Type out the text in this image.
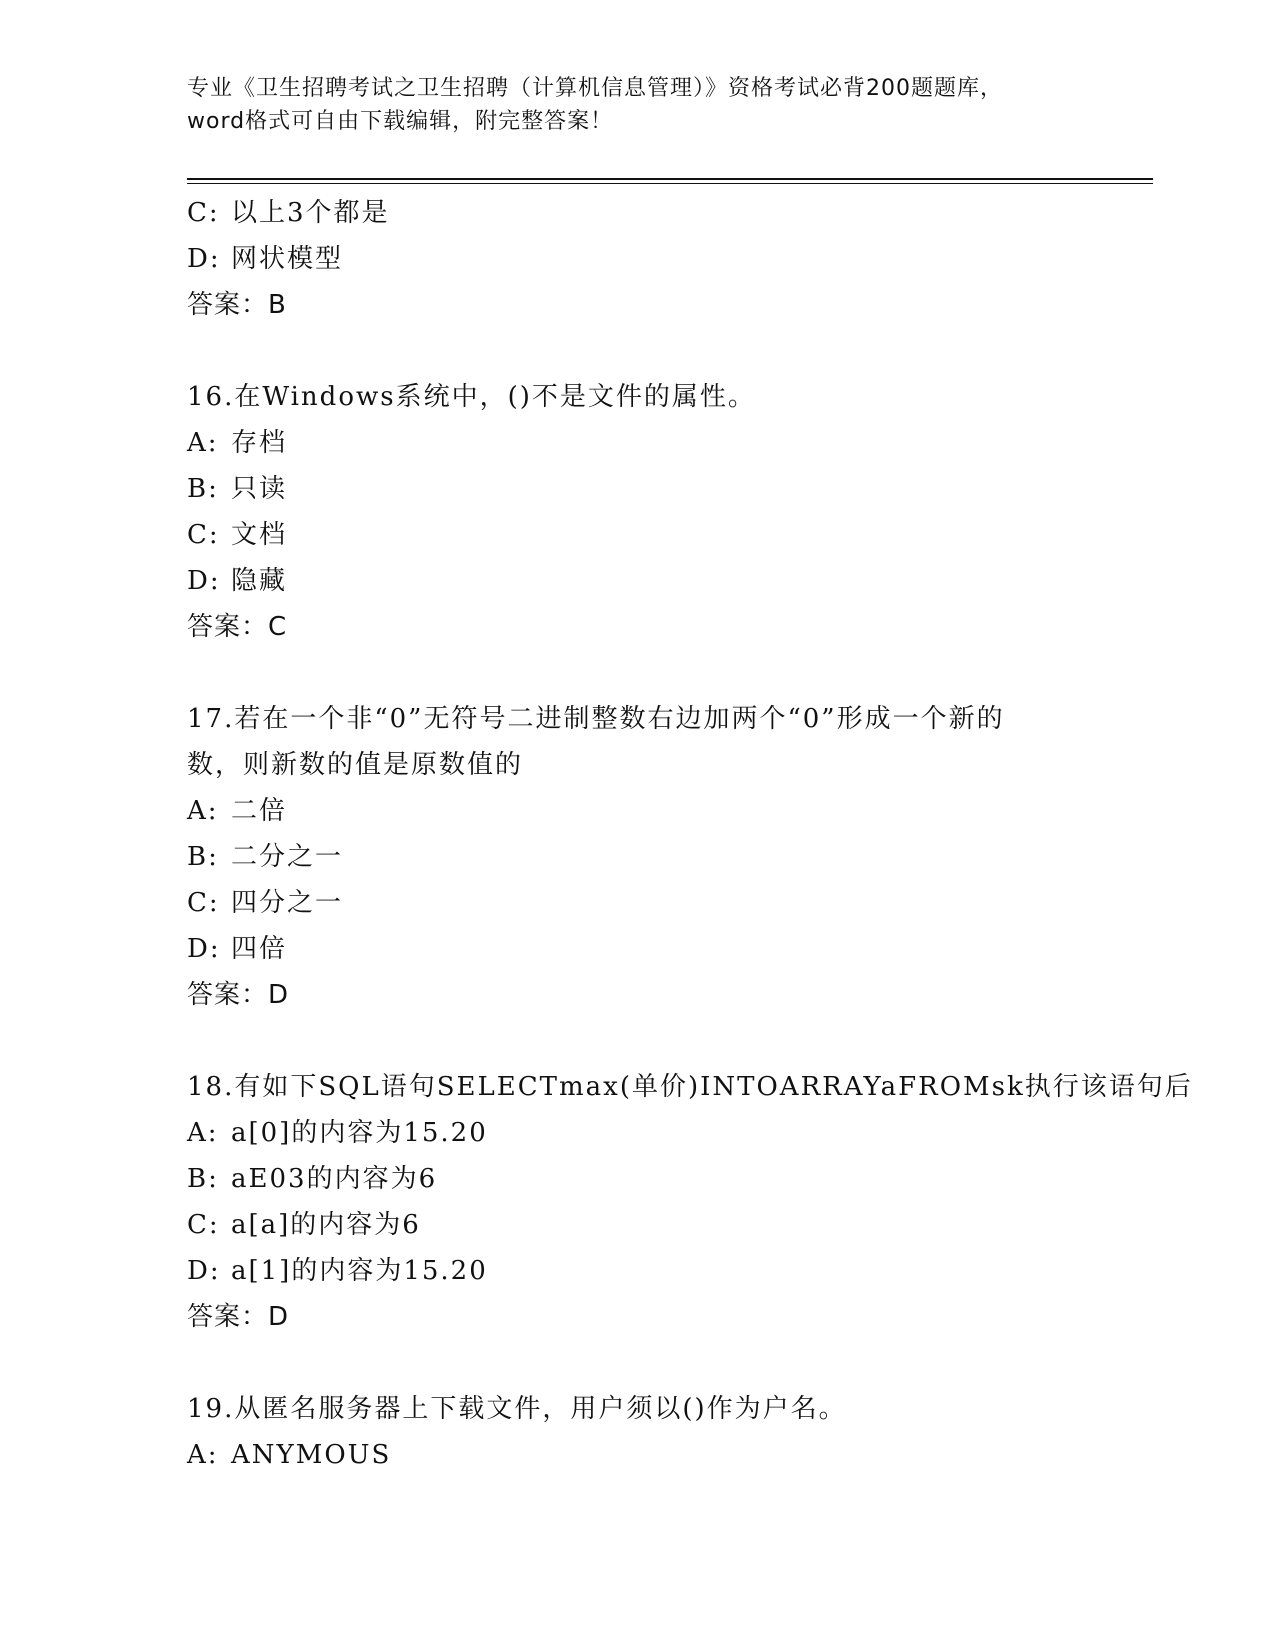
专业《卫生招聘考试之卫生招聘（计算机信息管理）》资格考试必背200题题库，
word格式可自由下载编辑，附完整答案！
C: 以上3个都是
D: 网状模型
答案：B
16.在Windows系统中，()不是文件的属性。
A: 存档
B: 只读
C: 文档
D: 隐藏
答案：C
17.若在一个非“0”无符号二进制整数右边加两个“0”形成一个新的
数，则新数的值是原数值的
A: 二倍
B: 二分之一
C: 四分之一
D: 四倍
答案：D
18.有如下SQL语句SELECTmax(单价)INTOARRAYaFROMsk执行该语句后
A: a[0]的内容为15.20
B: aE03的内容为6
C: a[a]的内容为6
D: a[1]的内容为15.20
答案：D
19.从匿名服务器上下载文件，用户须以()作为户名。
A: ANYMOUS
